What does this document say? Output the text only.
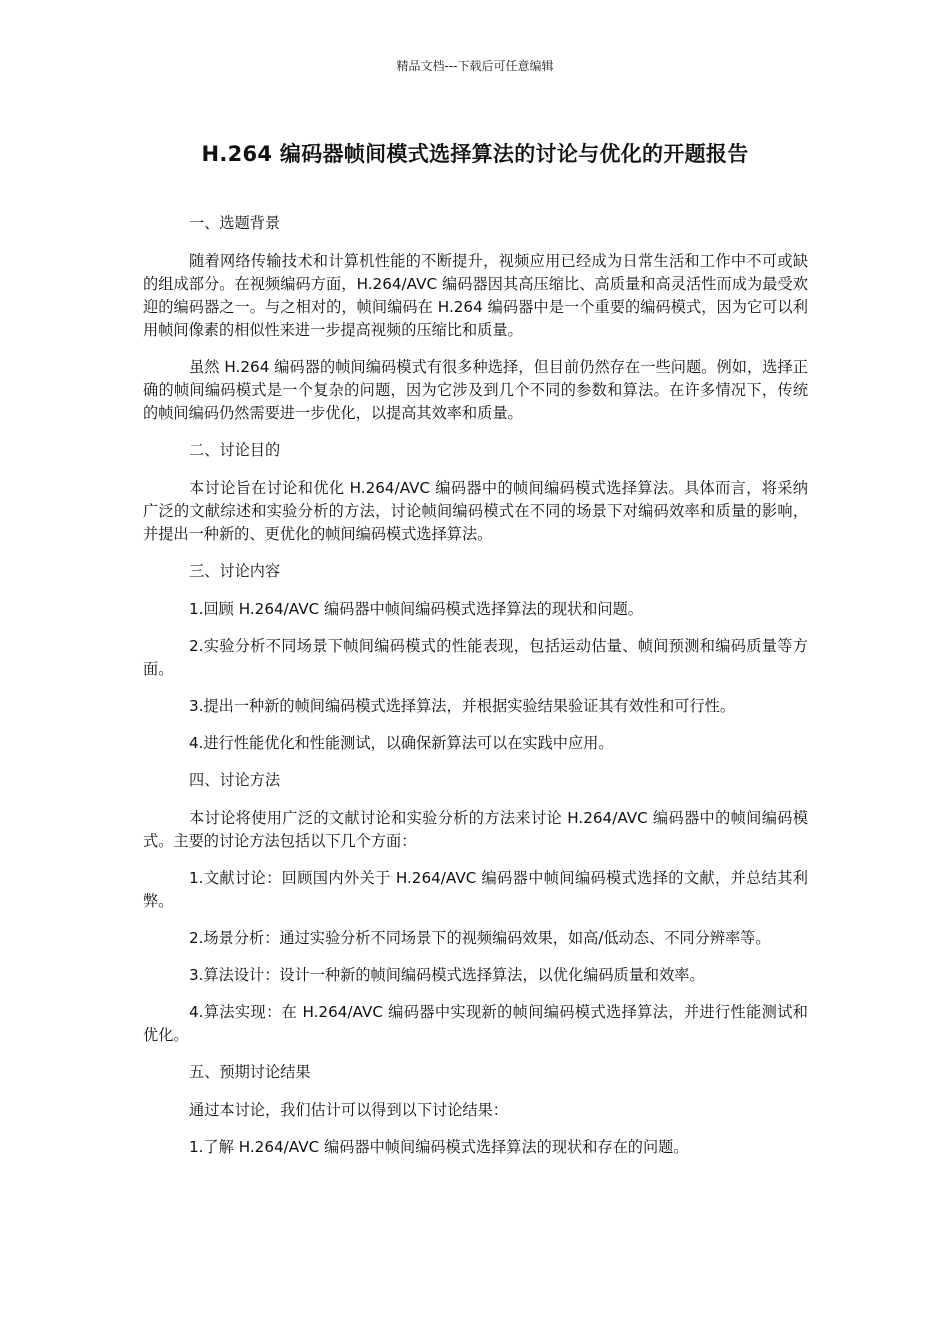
精品文档---下载后可任意编辑
H.264 编码器帧间模式选择算法的讨论与优化的开题报告

一、选题背景

随着网络传输技术和计算机性能的不断提升，视频应用已经成为日常生活和工作中不可或缺的组成部分。在视频编码方面，H.264/AVC 编码器因其高压缩比、高质量和高灵活性而成为最受欢迎的编码器之一。与之相对的，帧间编码在 H.264 编码器中是一个重要的编码模式，因为它可以利用帧间像素的相似性来进一步提高视频的压缩比和质量。

虽然 H.264 编码器的帧间编码模式有很多种选择，但目前仍然存在一些问题。例如，选择正确的帧间编码模式是一个复杂的问题，因为它涉及到几个不同的参数和算法。在许多情况下，传统的帧间编码仍然需要进一步优化，以提高其效率和质量。

二、讨论目的

本讨论旨在讨论和优化 H.264/AVC 编码器中的帧间编码模式选择算法。具体而言，将采纳广泛的文献综述和实验分析的方法，讨论帧间编码模式在不同的场景下对编码效率和质量的影响，并提出一种新的、更优化的帧间编码模式选择算法。

三、讨论内容

1.回顾 H.264/AVC 编码器中帧间编码模式选择算法的现状和问题。

2.实验分析不同场景下帧间编码模式的性能表现，包括运动估量、帧间预测和编码质量等方面。

3.提出一种新的帧间编码模式选择算法，并根据实验结果验证其有效性和可行性。

4.进行性能优化和性能测试，以确保新算法可以在实践中应用。

四、讨论方法

本讨论将使用广泛的文献讨论和实验分析的方法来讨论 H.264/AVC 编码器中的帧间编码模式。主要的讨论方法包括以下几个方面：

1.文献讨论：回顾国内外关于 H.264/AVC 编码器中帧间编码模式选择的文献，并总结其利弊。

2.场景分析：通过实验分析不同场景下的视频编码效果，如高/低动态、不同分辨率等。

3.算法设计：设计一种新的帧间编码模式选择算法，以优化编码质量和效率。

4.算法实现：在 H.264/AVC 编码器中实现新的帧间编码模式选择算法，并进行性能测试和优化。

五、预期讨论结果

通过本讨论，我们估计可以得到以下讨论结果：

1.了解 H.264/AVC 编码器中帧间编码模式选择算法的现状和存在的问题。
